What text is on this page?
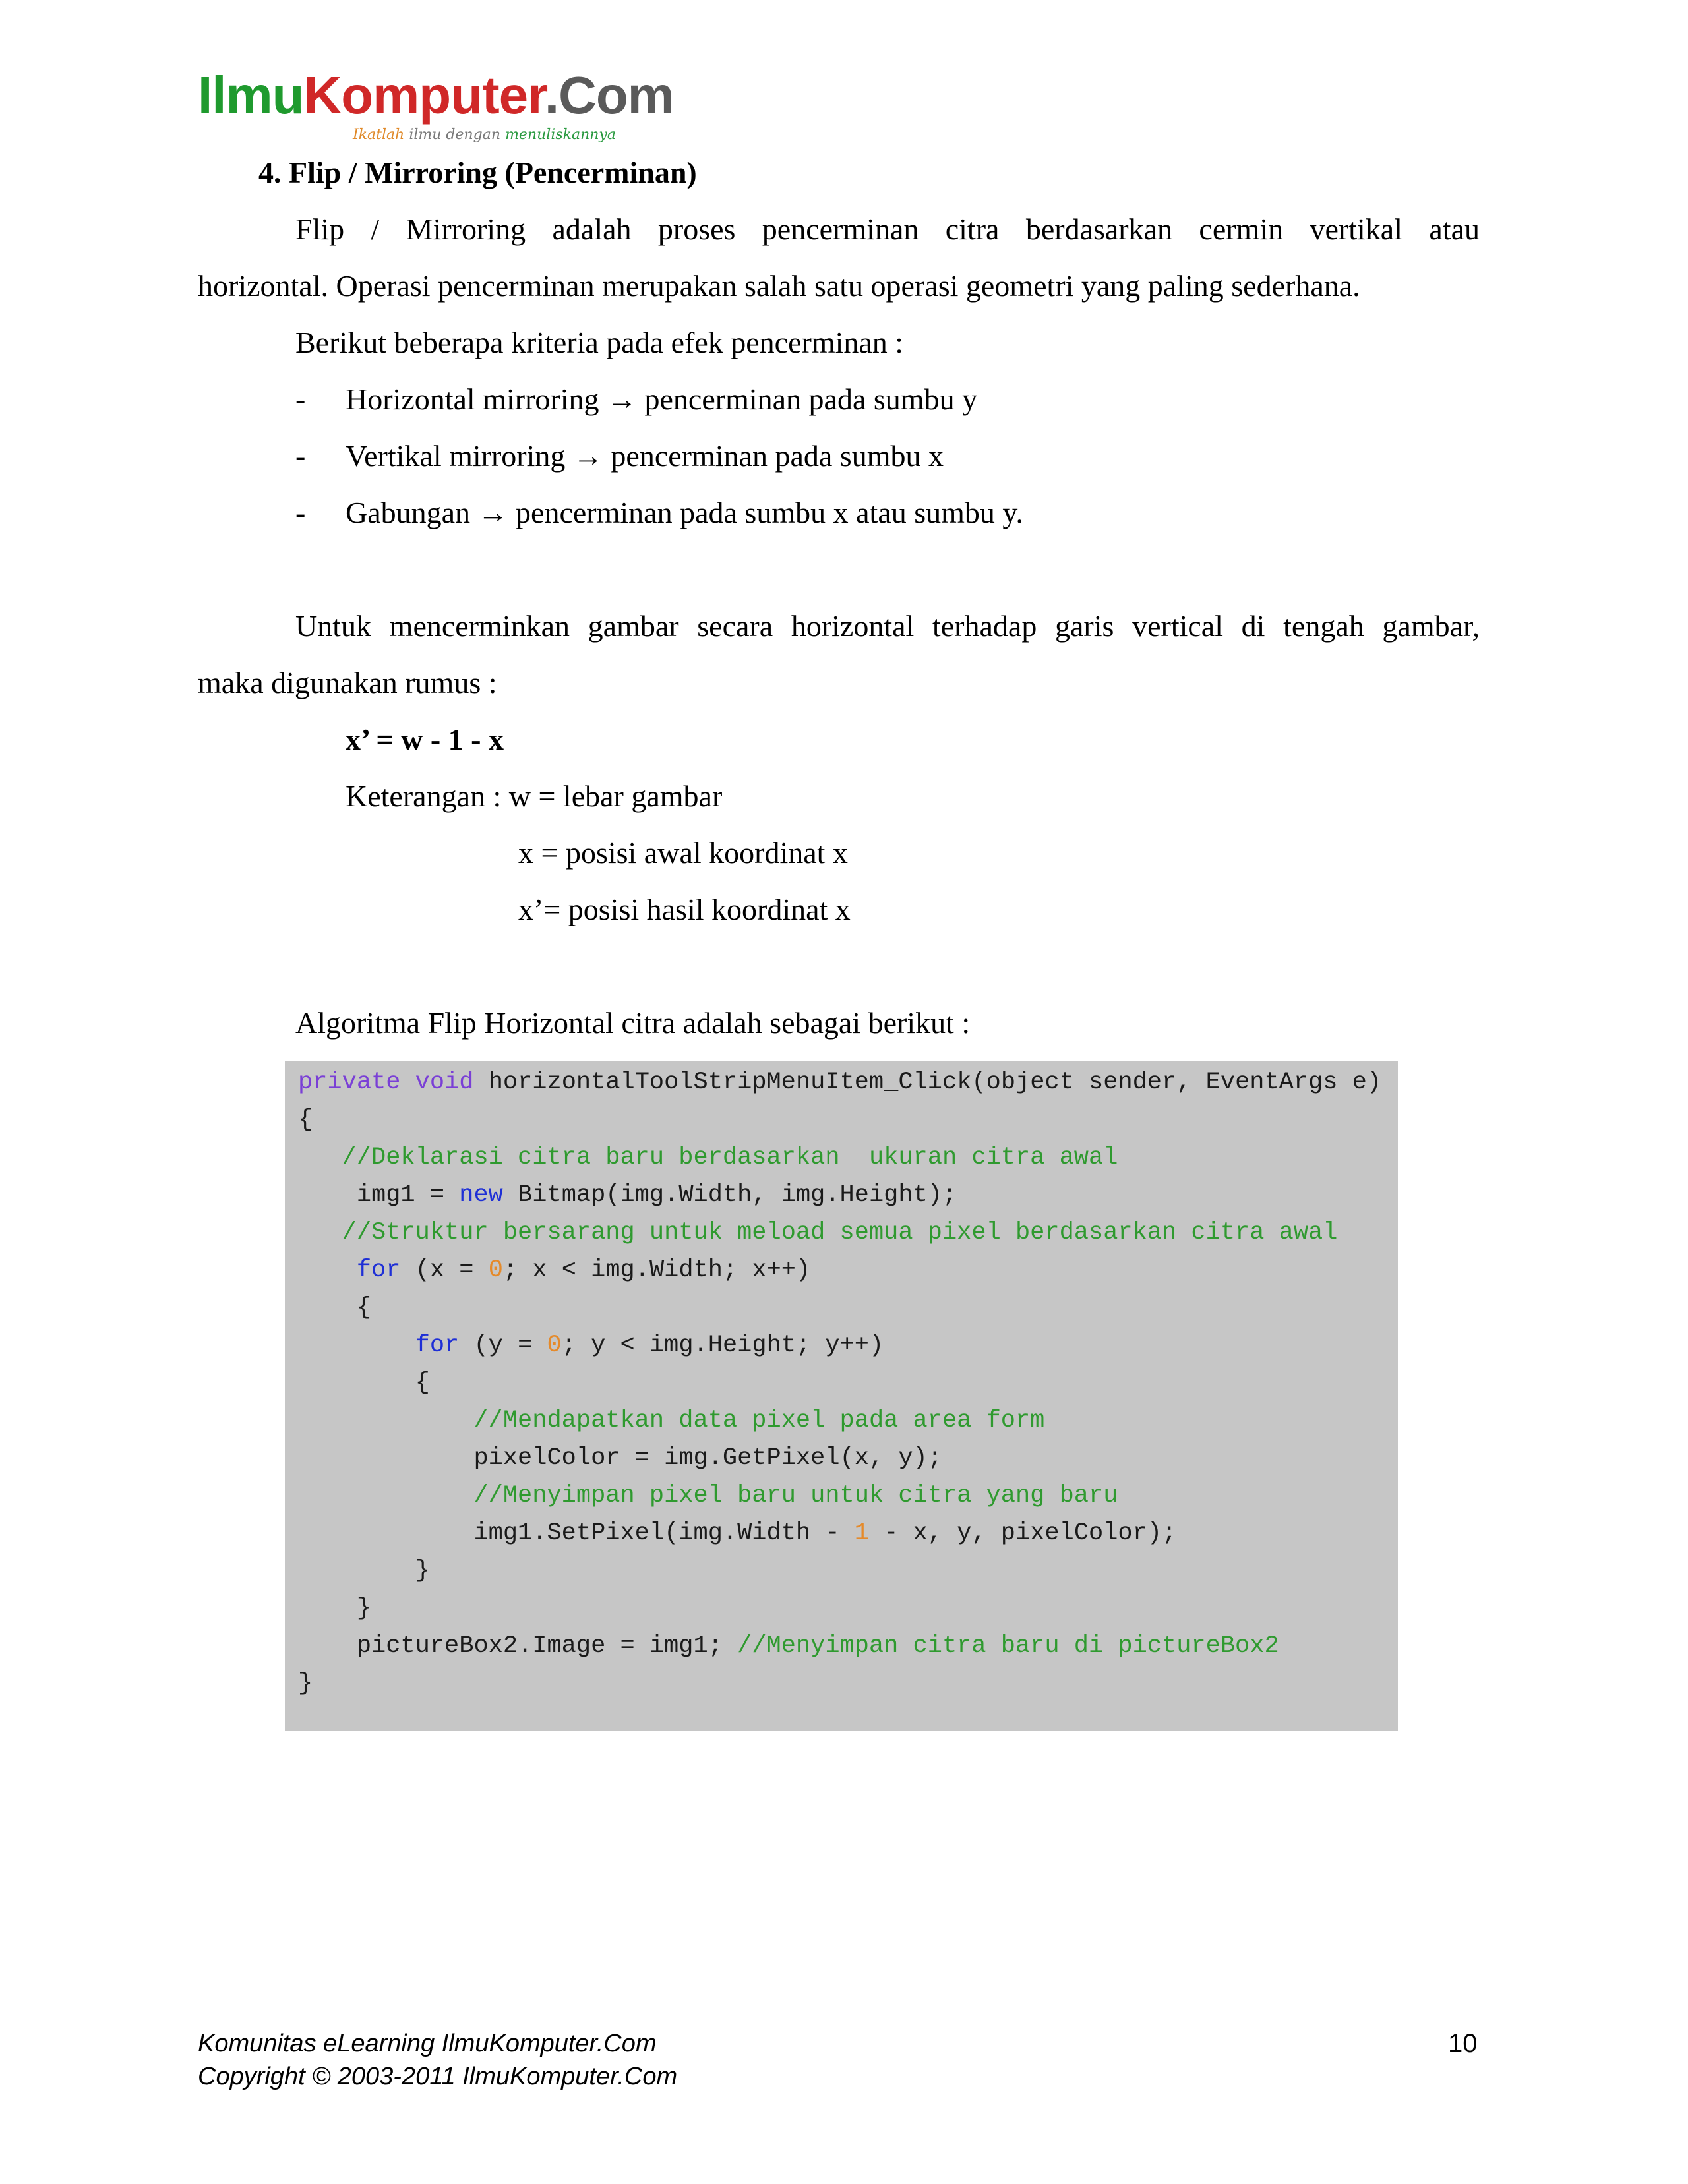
IlmuKomputer.Com
Ikatlah ilmu dengan menuliskannya
4. Flip / Mirroring (Pencerminan)
Flip / Mirroring adalah proses pencerminan citra berdasarkan cermin vertikal atau
horizontal. Operasi pencerminan merupakan salah satu operasi geometri yang paling sederhana.
Berikut beberapa kriteria pada efek pencerminan :
- Horizontal mirroring → pencerminan pada sumbu y
- Vertikal mirroring → pencerminan pada sumbu x
- Gabungan → pencerminan pada sumbu x atau sumbu y.
Untuk mencerminkan gambar secara horizontal terhadap garis vertical di tengah gambar,
maka digunakan rumus :
x’ = w - 1 - x
Keterangan : w = lebar gambar
x = posisi awal koordinat x
x’= posisi hasil koordinat x
Algoritma Flip Horizontal citra adalah sebagai berikut :
private void horizontalToolStripMenuItem_Click(object sender, EventArgs e)
{
//Deklarasi citra baru berdasarkan  ukuran citra awal
img1 = new Bitmap(img.Width, img.Height);
//Struktur bersarang untuk meload semua pixel berdasarkan citra awal
for (x = 0; x < img.Width; x++)
{
for (y = 0; y < img.Height; y++)
{
//Mendapatkan data pixel pada area form
pixelColor = img.GetPixel(x, y);
//Menyimpan pixel baru untuk citra yang baru
img1.SetPixel(img.Width - 1 - x, y, pixelColor);
}
}
pictureBox2.Image = img1; //Menyimpan citra baru di pictureBox2
}
Komunitas eLearning IlmuKomputer.Com
Copyright © 2003-2011 IlmuKomputer.Com
10
